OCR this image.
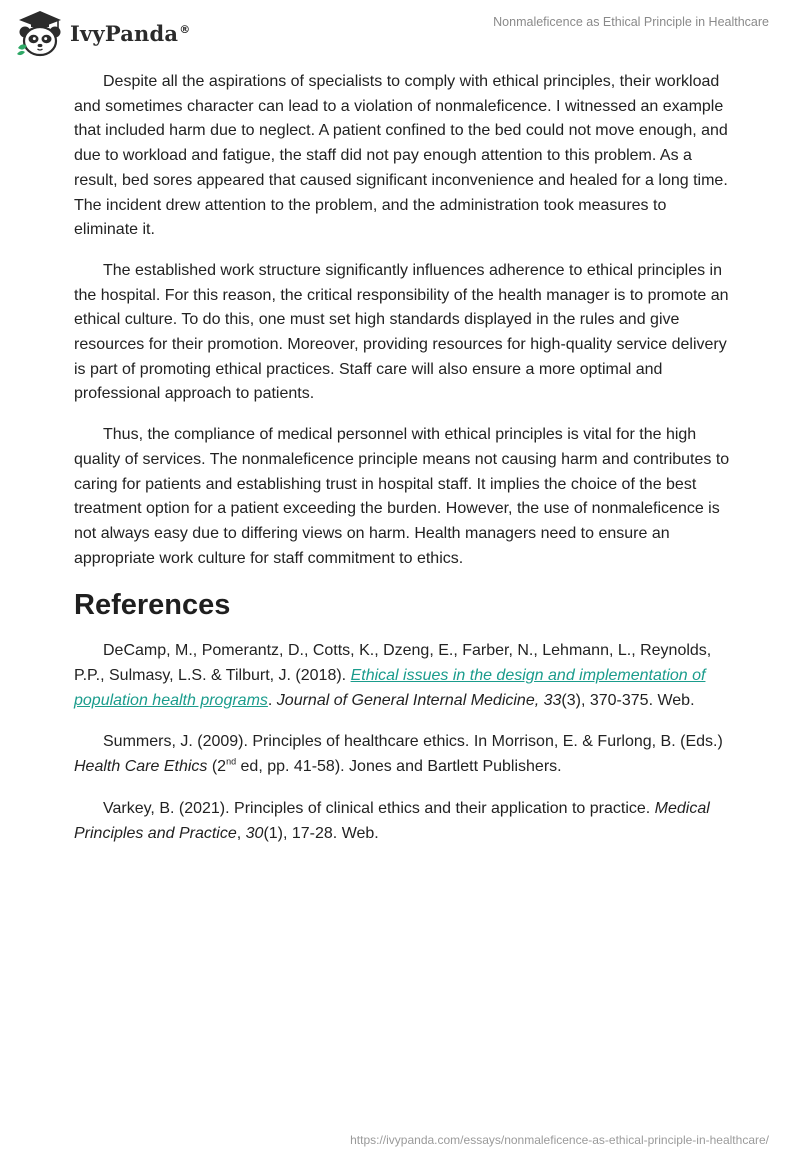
IvyPanda®	Nonmaleficence as Ethical Principle in Healthcare

Despite all the aspirations of specialists to comply with ethical principles, their workload and sometimes character can lead to a violation of nonmaleficence. I witnessed an example that included harm due to neglect. A patient confined to the bed could not move enough, and due to workload and fatigue, the staff did not pay enough attention to this problem. As a result, bed sores appeared that caused significant inconvenience and healed for a long time. The incident drew attention to the problem, and the administration took measures to eliminate it.

The established work structure significantly influences adherence to ethical principles in the hospital. For this reason, the critical responsibility of the health manager is to promote an ethical culture. To do this, one must set high standards displayed in the rules and give resources for their promotion. Moreover, providing resources for high-quality service delivery is part of promoting ethical practices. Staff care will also ensure a more optimal and professional approach to patients.

Thus, the compliance of medical personnel with ethical principles is vital for the high quality of services. The nonmaleficence principle means not causing harm and contributes to caring for patients and establishing trust in hospital staff. It implies the choice of the best treatment option for a patient exceeding the burden. However, the use of nonmaleficence is not always easy due to differing views on harm. Health managers need to ensure an appropriate work culture for staff commitment to ethics.

References

DeCamp, M., Pomerantz, D., Cotts, K., Dzeng, E., Farber, N., Lehmann, L., Reynolds, P.P., Sulmasy, L.S. & Tilburt, J. (2018). Ethical issues in the design and implementation of population health programs. Journal of General Internal Medicine, 33(3), 370-375. Web.

Summers, J. (2009). Principles of healthcare ethics. In Morrison, E. & Furlong, B. (Eds.) Health Care Ethics (2nd ed, pp. 41-58). Jones and Bartlett Publishers.

Varkey, B. (2021). Principles of clinical ethics and their application to practice. Medical Principles and Practice, 30(1), 17-28. Web.

https://ivypanda.com/essays/nonmaleficence-as-ethical-principle-in-healthcare/
